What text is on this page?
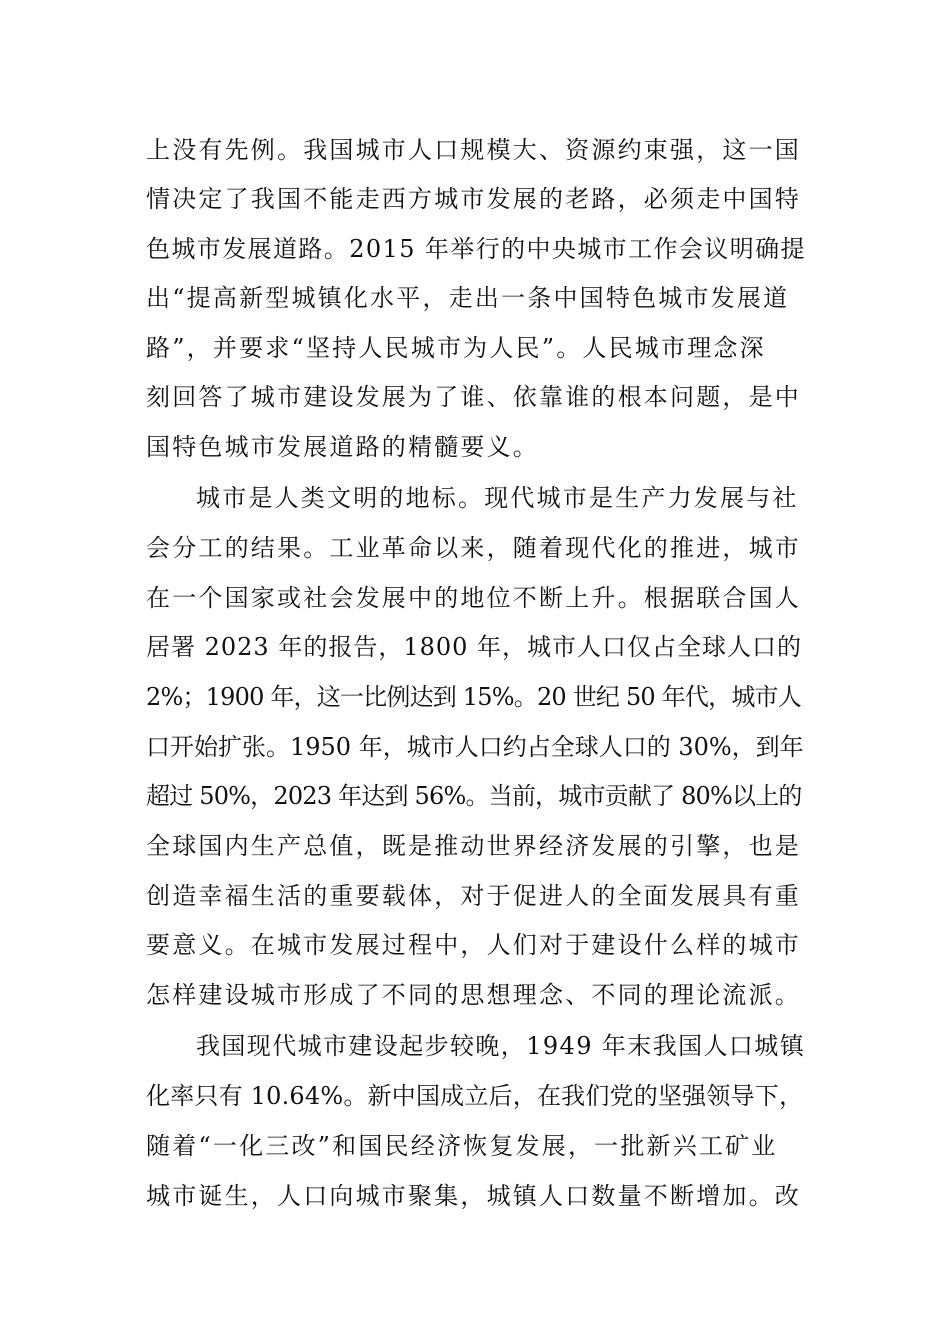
上没有先例。我国城市人口规模大、资源约束强，这一国
情决定了我国不能走西方城市发展的老路，必须走中国特
色城市发展道路。2015 年举行的中央城市工作会议明确提
出“提高新型城镇化水平，走出一条中国特色城市发展道
路”，并要求“坚持人民城市为人民”。人民城市理念深
刻回答了城市建设发展为了谁、依靠谁的根本问题，是中
国特色城市发展道路的精髓要义。
城市是人类文明的地标。现代城市是生产力发展与社
会分工的结果。工业革命以来，随着现代化的推进，城市
在一个国家或社会发展中的地位不断上升。根据联合国人
居署 2023 年的报告，1800 年，城市人口仅占全球人口的
2%；1900 年，这一比例达到 15%。20 世纪 50 年代，城市人
口开始扩张。1950 年，城市人口约占全球人口的 30%，到年
超过 50%，2023 年达到 56%。当前，城市贡献了 80%以上的
全球国内生产总值，既是推动世界经济发展的引擎，也是
创造幸福生活的重要载体，对于促进人的全面发展具有重
要意义。在城市发展过程中，人们对于建设什么样的城市
怎样建设城市形成了不同的思想理念、不同的理论流派。
我国现代城市建设起步较晚，1949 年末我国人口城镇
化率只有 10.64%。新中国成立后，在我们党的坚强领导下，
随着“一化三改”和国民经济恢复发展，一批新兴工矿业
城市诞生，人口向城市聚集，城镇人口数量不断增加。改
